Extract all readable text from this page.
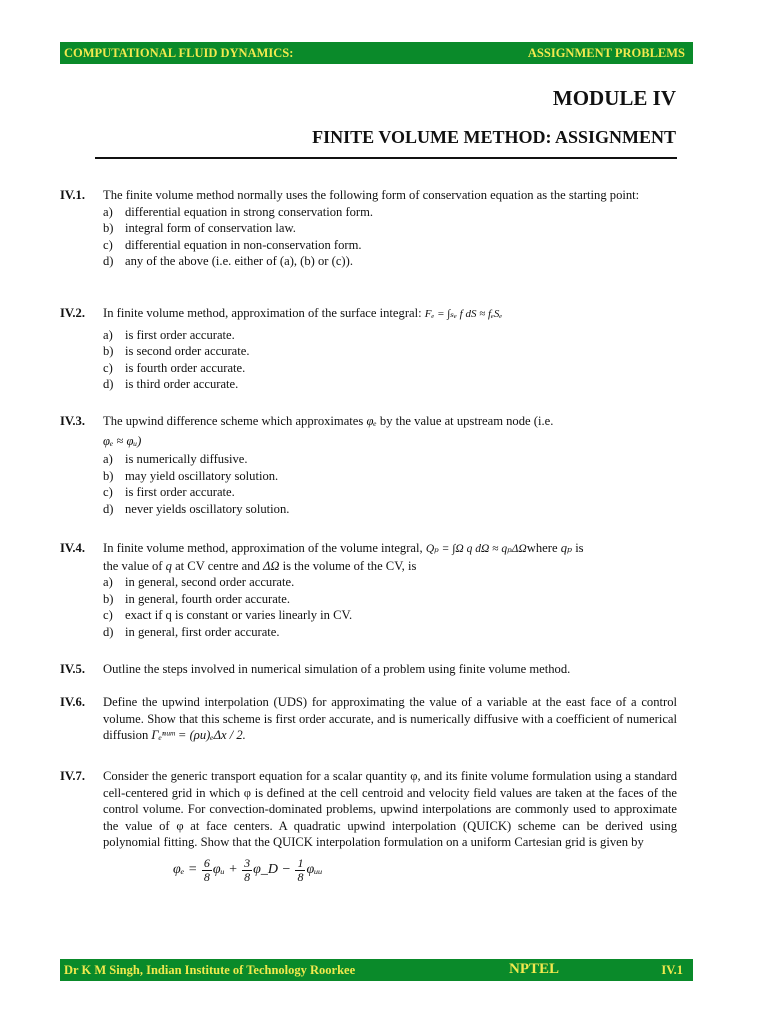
COMPUTATIONAL FLUID DYNAMICS:	ASSIGNMENT PROBLEMS
MODULE IV
FINITE VOLUME METHOD: ASSIGNMENT
IV.1. The finite volume method normally uses the following form of conservation equation as the starting point:
a) differential equation in strong conservation form.
b) integral form of conservation law.
c) differential equation in non-conservation form.
d) any of the above (i.e. either of (a), (b) or (c)).
IV.2. In finite volume method, approximation of the surface integral: Fₑ = ∫ₛₑ f dS ≈ fₑSₑ
a) is first order accurate.
b) is second order accurate.
c) is fourth order accurate.
d) is third order accurate.
IV.3. The upwind difference scheme which approximates φₑ by the value at upstream node (i.e.
φₑ ≈ φᵤ)
a) is numerically diffusive.
b) may yield oscillatory solution.
c) is first order accurate.
d) never yields oscillatory solution.
IV.4. In finite volume method, approximation of the volume integral, Qₚ = ∫Ω q dΩ ≈ qₚΔΩwhere qₚ is
the value of q at CV centre and ΔΩ is the volume of the CV, is
a) in general, second order accurate.
b) in general, fourth order accurate.
c) exact if q is constant or varies linearly in CV.
d) in general, first order accurate.
IV.5. Outline the steps involved in numerical simulation of a problem using finite volume method.
IV.6. Define the upwind interpolation (UDS) for approximating the value of a variable at the east face of a control volume. Show that this scheme is first order accurate, and is numerically diffusive with a coefficient of numerical diffusion Γₑⁿᵘᵐ = (ρu)ₑΔx / 2.
IV.7. Consider the generic transport equation for a scalar quantity φ, and its finite volume formulation using a standard cell-centered grid in which φ is defined at the cell centroid and velocity field values are taken at the faces of the control volume. For convection-dominated problems, upwind interpolations are commonly used to approximate the value of φ at face centers. A quadratic upwind interpolation (QUICK) scheme can be derived using polynomial fitting. Show that the QUICK interpolation formulation on a uniform Cartesian grid is given by
φₑ =
$\frac{6}{8}$ φᵤ +
$\frac{3}{8}$ φ_D −
$\frac{1}{8}$ φᵤᵤ
Dr K M Singh, Indian Institute of Technology Roorkee	NPTEL	IV.1
